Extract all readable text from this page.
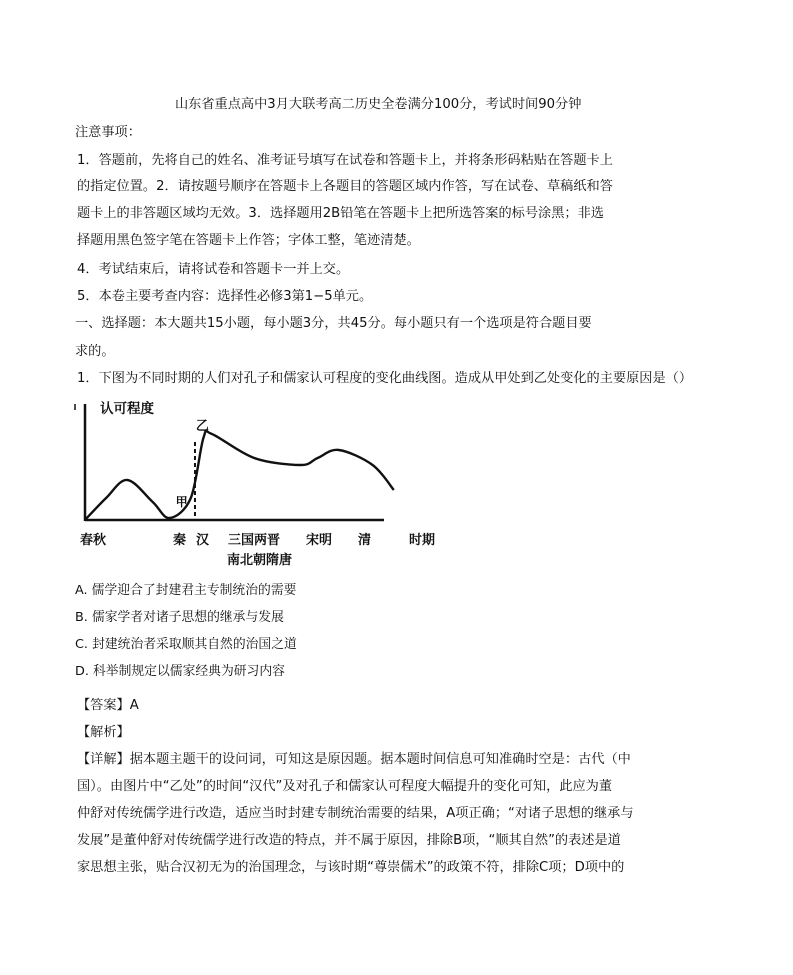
山东省重点高中3月大联考高二历史全卷满分100分，考试时间90分钟
注意事项：
1．答题前，先将自己的姓名、准考证号填写在试卷和答题卡上，并将条形码粘贴在答题卡上
的指定位置。2．请按题号顺序在答题卡上各题目的答题区域内作答，写在试卷、草稿纸和答
题卡上的非答题区域均无效。3．选择题用2B铅笔在答题卡上把所选答案的标号涂黑；非选
择题用黑色签字笔在答题卡上作答；字体工整，笔迹清楚。
4．考试结束后，请将试卷和答题卡一并上交。
5．本卷主要考查内容：选择性必修3第1−5单元。
一、选择题：本大题共15小题，每小题3分，共45分。每小题只有一个选项是符合题目要
求的。
1．下图为不同时期的人们对孔子和儒家认可程度的变化曲线图。造成从甲处到乙处变化的主要原因是（）
认可程度
甲
乙
春秋	秦 汉 三国两晋
南北朝隋唐
宋明 清	时期
A. 儒学迎合了封建君主专制统治的需要
B. 儒家学者对诸子思想的继承与发展
C. 封建统治者采取顺其自然的治国之道
D. 科举制规定以儒家经典为研习内容
【答案】A
【解析】
【详解】据本题主题干的设问词，可知这是原因题。据本题时间信息可知准确时空是：古代（中
国）。由图片中“乙处”的时间“汉代”及对孔子和儒家认可程度大幅提升的变化可知，此应为董
仲舒对传统儒学进行改造，适应当时封建专制统治需要的结果，A项正确；“对诸子思想的继承与
发展”是董仲舒对传统儒学进行改造的特点，并不属于原因，排除B项，“顺其自然”的表述是道
家思想主张，贴合汉初无为的治国理念，与该时期“尊崇儒术”的政策不符，排除C项；D项中的
